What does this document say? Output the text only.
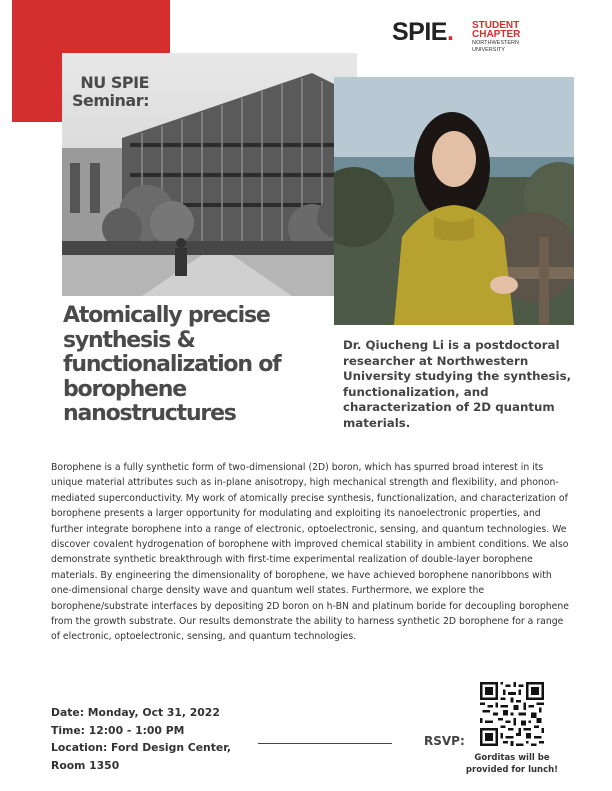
NU SPIE
Seminar:
SPIE. STUDENT
CHAPTER
NORTHWESTERN
UNIVERSITY
Atomically precise synthesis & functionalization of borophene nanostructures
Dr. Qiucheng Li is a postdoctoral researcher at Northwestern University studying the synthesis, functionalization, and characterization of 2D quantum materials.
Borophene is a fully synthetic form of two-dimensional (2D) boron, which has spurred broad interest in its unique material attributes such as in-plane anisotropy, high mechanical strength and flexibility, and phonon-mediated superconductivity. My work of atomically precise synthesis, functionalization, and characterization of borophene presents a larger opportunity for modulating and exploiting its nanoelectronic properties, and further integrate borophene into a range of electronic, optoelectronic, sensing, and quantum technologies. We discover covalent hydrogenation of borophene with improved chemical stability in ambient conditions. We also demonstrate synthetic breakthrough with first-time experimental realization of double-layer borophene materials. By engineering the dimensionality of borophene, we have achieved borophene nanoribbons with one-dimensional charge density wave and quantum well states. Furthermore, we explore the borophene/substrate interfaces by depositing 2D boron on h-BN and platinum boride for decoupling borophene from the growth substrate. Our results demonstrate the ability to harness synthetic 2D borophene for a range of electronic, optoelectronic, sensing, and quantum technologies.
Date: Monday, Oct 31, 2022
Time: 12:00 - 1:00 PM
Location: Ford Design Center,
Room 1350
RSVP:
Gorditas will be
provided for lunch!
